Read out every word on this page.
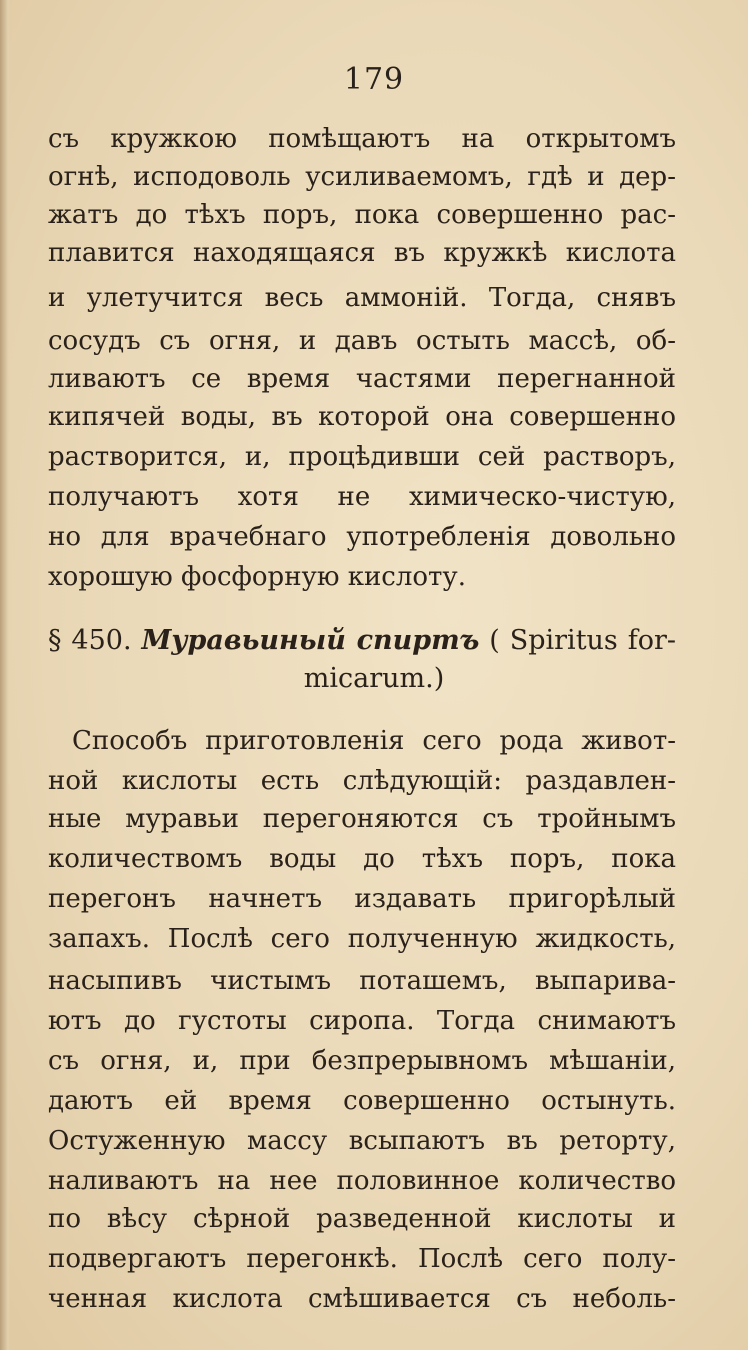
179
съ кружкою помѣщаютъ на открытомъ
огнѣ, исподоволь усиливаемомъ, гдѣ и дер-
жатъ до тѣхъ поръ, пока совершенно рас-
плавится находящаяся въ кружкѣ кислота
и улетучится весь аммоній. Тогда, снявъ
сосудъ съ огня, и давъ остыть массѣ, об-
ливаютъ сe время частями перегнанной
кипячей воды, въ которой она совершенно
растворится, и, процѣдивши сей растворъ,
получаютъ хотя не химическо-чистую,
но для врачебнаго употребленія довольно
хорошую фосфорную кислоту.
§ 450. Муравьиный спиртъ ( Spiritus for-
micarum.)
Способъ приготовленія сего рода живот-
ной кислоты есть слѣдующій: раздавлен-
ные муравьи перегоняются съ тройнымъ
количествомъ воды до тѣхъ поръ, пока
перегонъ начнетъ издавать пригорѣлый
запахъ. Послѣ сего полученную жидкость,
насыпивъ чистымъ поташемъ, выпарива-
ютъ до густоты сиропа. Тогда снимаютъ
съ огня, и, при безпрерывномъ мѣшаніи,
даютъ ей время совершенно остынуть.
Остуженную массу всыпаютъ въ реторту,
наливаютъ на нее половинное количество
по вѣсу сѣрной разведенной кислоты и
подвергаютъ перегонкѣ. Послѣ сего полу-
ченная кислота смѣшивается съ неболь-
